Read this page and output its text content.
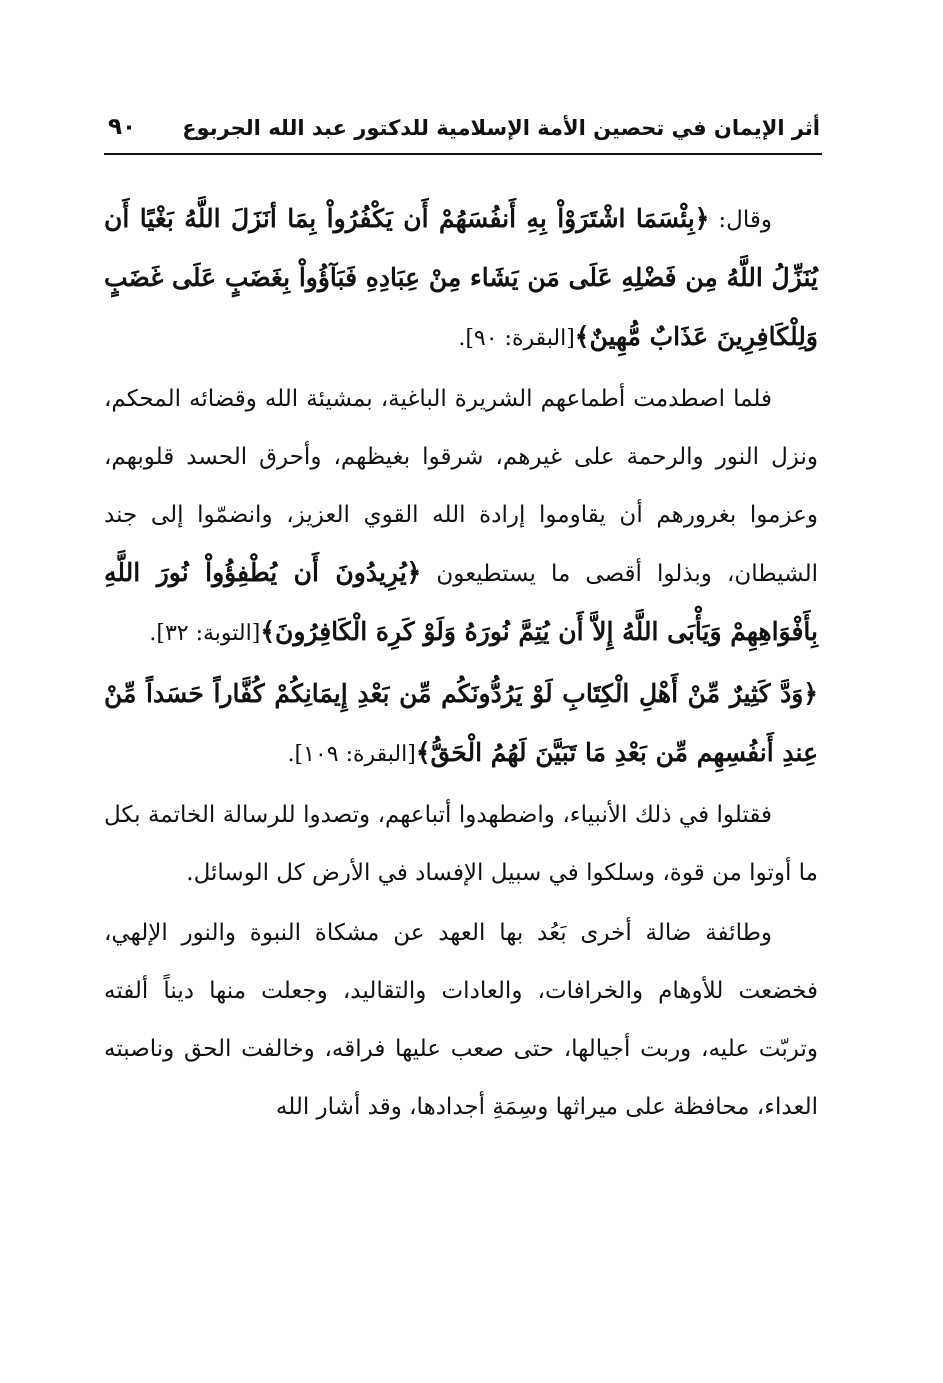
أثر الإيمان في تحصين الأمة الإسلامية للدكتور عبد الله الجربوع
٩٠

وقال: ﴿بِئْسَمَا اشْتَرَوْاْ بِهِ أَنفُسَهُمْ أَن يَكْفُرُواْ بِمَا أنَزَلَ اللَّهُ بَغْيًا أَن يُنَزِّلُ اللَّهُ مِن فَضْلِهِ عَلَى مَن يَشَاء مِنْ عِبَادِهِ فَبَآؤُواْ بِغَضَبٍ عَلَى غَضَبٍ وَلِلْكَافِرِينَ عَذَابٌ مُّهِينٌ﴾[البقرة: ٩٠].

فلما اصطدمت أطماعهم الشريرة الباغية، بمشيئة الله وقضائه المحكم، ونزل النور والرحمة على غيرهم، شرقوا بغيظهم، وأحرق الحسد قلوبهم، وعزموا بغرورهم أن يقاوموا إرادة الله القوي العزيز، وانضمّوا إلى جند الشيطان، وبذلوا أقصى ما يستطيعون ﴿يُرِيدُونَ أَن يُطْفِؤُواْ نُورَ اللَّهِ بِأَفْوَاهِهِمْ وَيَأْبَى اللَّهُ إِلاَّ أَن يُتِمَّ نُورَهُ وَلَوْ كَرِهَ الْكَافِرُونَ﴾[التوبة: ٣٢].

﴿وَدَّ كَثِيرٌ مِّنْ أَهْلِ الْكِتَابِ لَوْ يَرُدُّونَكُم مِّن بَعْدِ إِيمَانِكُمْ كُفَّاراً حَسَداً مِّنْ عِندِ أَنفُسِهِم مِّن بَعْدِ مَا تَبَيَّنَ لَهُمُ الْحَقُّ﴾[البقرة: ١٠٩].

فقتلوا في ذلك الأنبياء، واضطهدوا أتباعهم، وتصدوا للرسالة الخاتمة بكل ما أوتوا من قوة، وسلكوا في سبيل الإفساد في الأرض كل الوسائل.

وطائفة ضالة أخرى بَعُد بها العهد عن مشكاة النبوة والنور الإلهي، فخضعت للأوهام والخرافات، والعادات والتقاليد، وجعلت منها ديناً ألفته وتربّت عليه، وربت أجيالها، حتى صعب عليها فراقه، وخالفت الحق وناصبته العداء، محافظة على ميراثها وسِمَةِ أجدادها، وقد أشار الله
